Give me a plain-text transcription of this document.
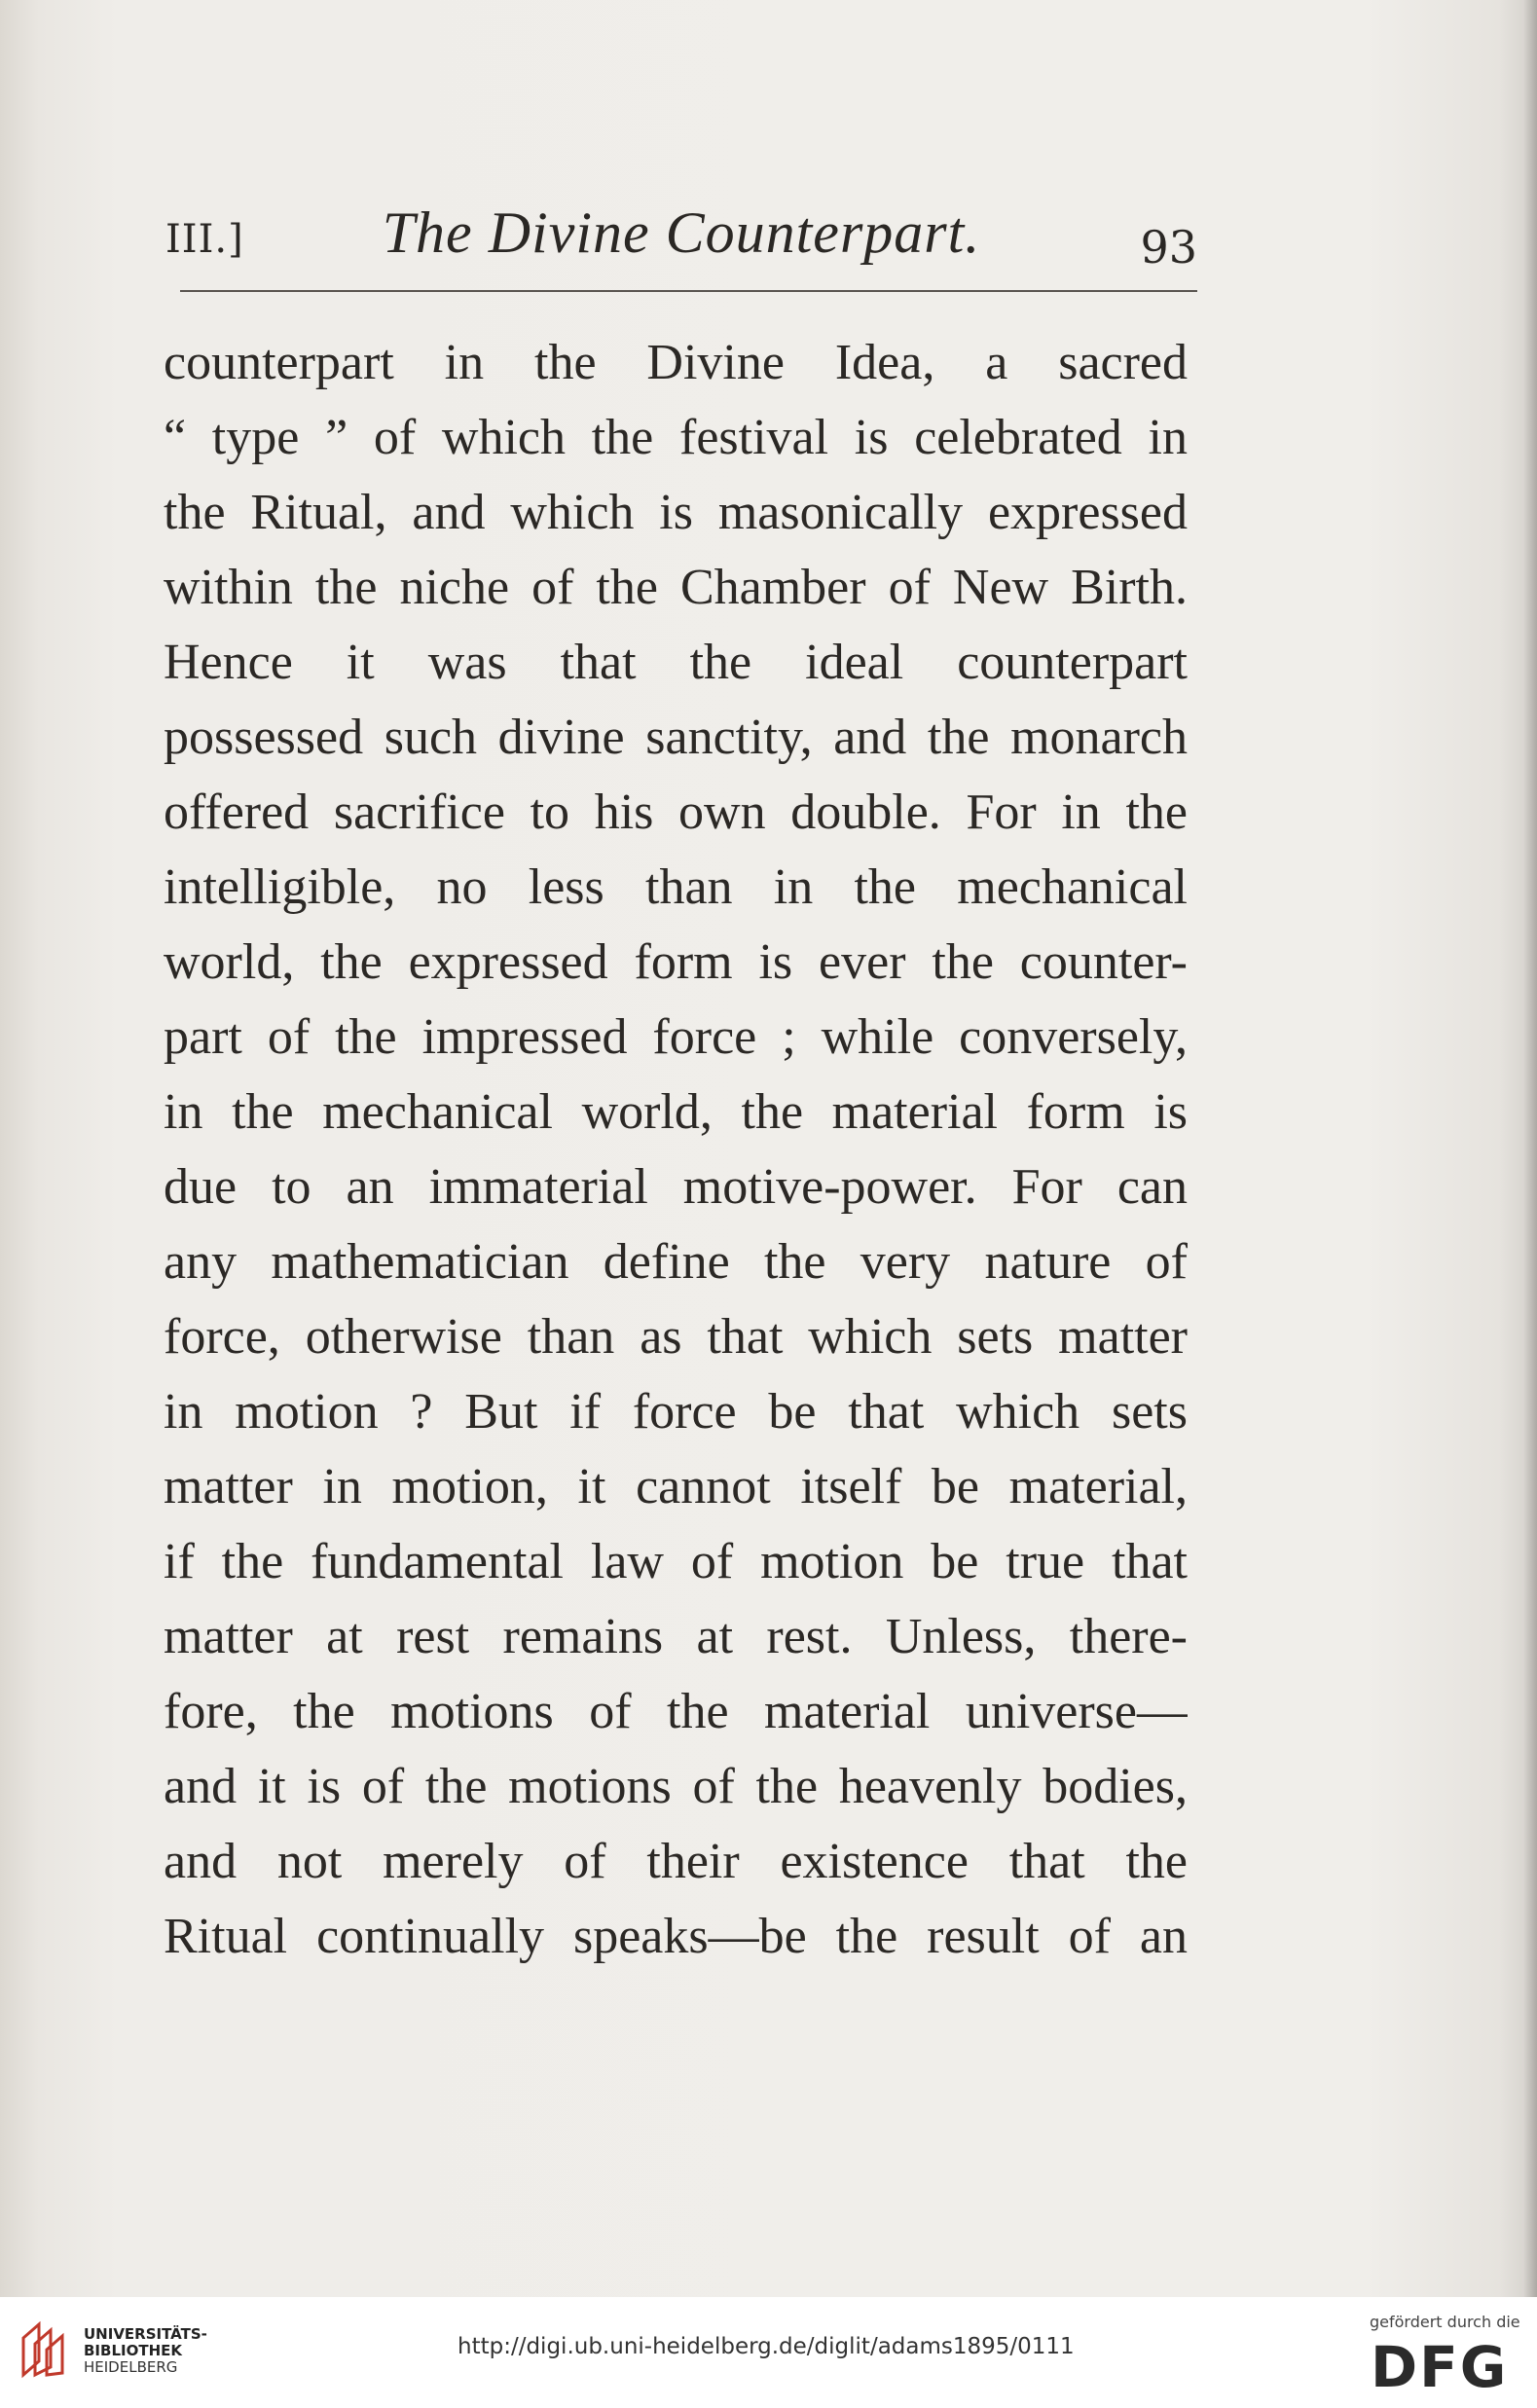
III.]	The Divine Counterpart.	93
counterpart in the Divine Idea, a sacred
“ type ” of which the festival is celebrated in
the Ritual, and which is masonically expressed
within the niche of the Chamber of New Birth.
Hence it was that the ideal counterpart
possessed such divine sanctity, and the monarch
offered sacrifice to his own double. For in the
intelligible, no less than in the mechanical
world, the expressed form is ever the counter-
part of the impressed force ; while conversely,
in the mechanical world, the material form is
due to an immaterial motive-power. For can
any mathematician define the very nature of
force, otherwise than as that which sets matter
in motion ? But if force be that which sets
matter in motion, it cannot itself be material,
if the fundamental law of motion be true that
matter at rest remains at rest. Unless, there-
fore, the motions of the material universe—
and it is of the motions of the heavenly bodies,
and not merely of their existence that the
Ritual continually speaks—be the result of an
UNIVERSITÄTS-
BIBLIOTHEK
HEIDELBERG
http://digi.ub.uni-heidelberg.de/diglit/adams1895/0111
gefördert durch die
DFG
